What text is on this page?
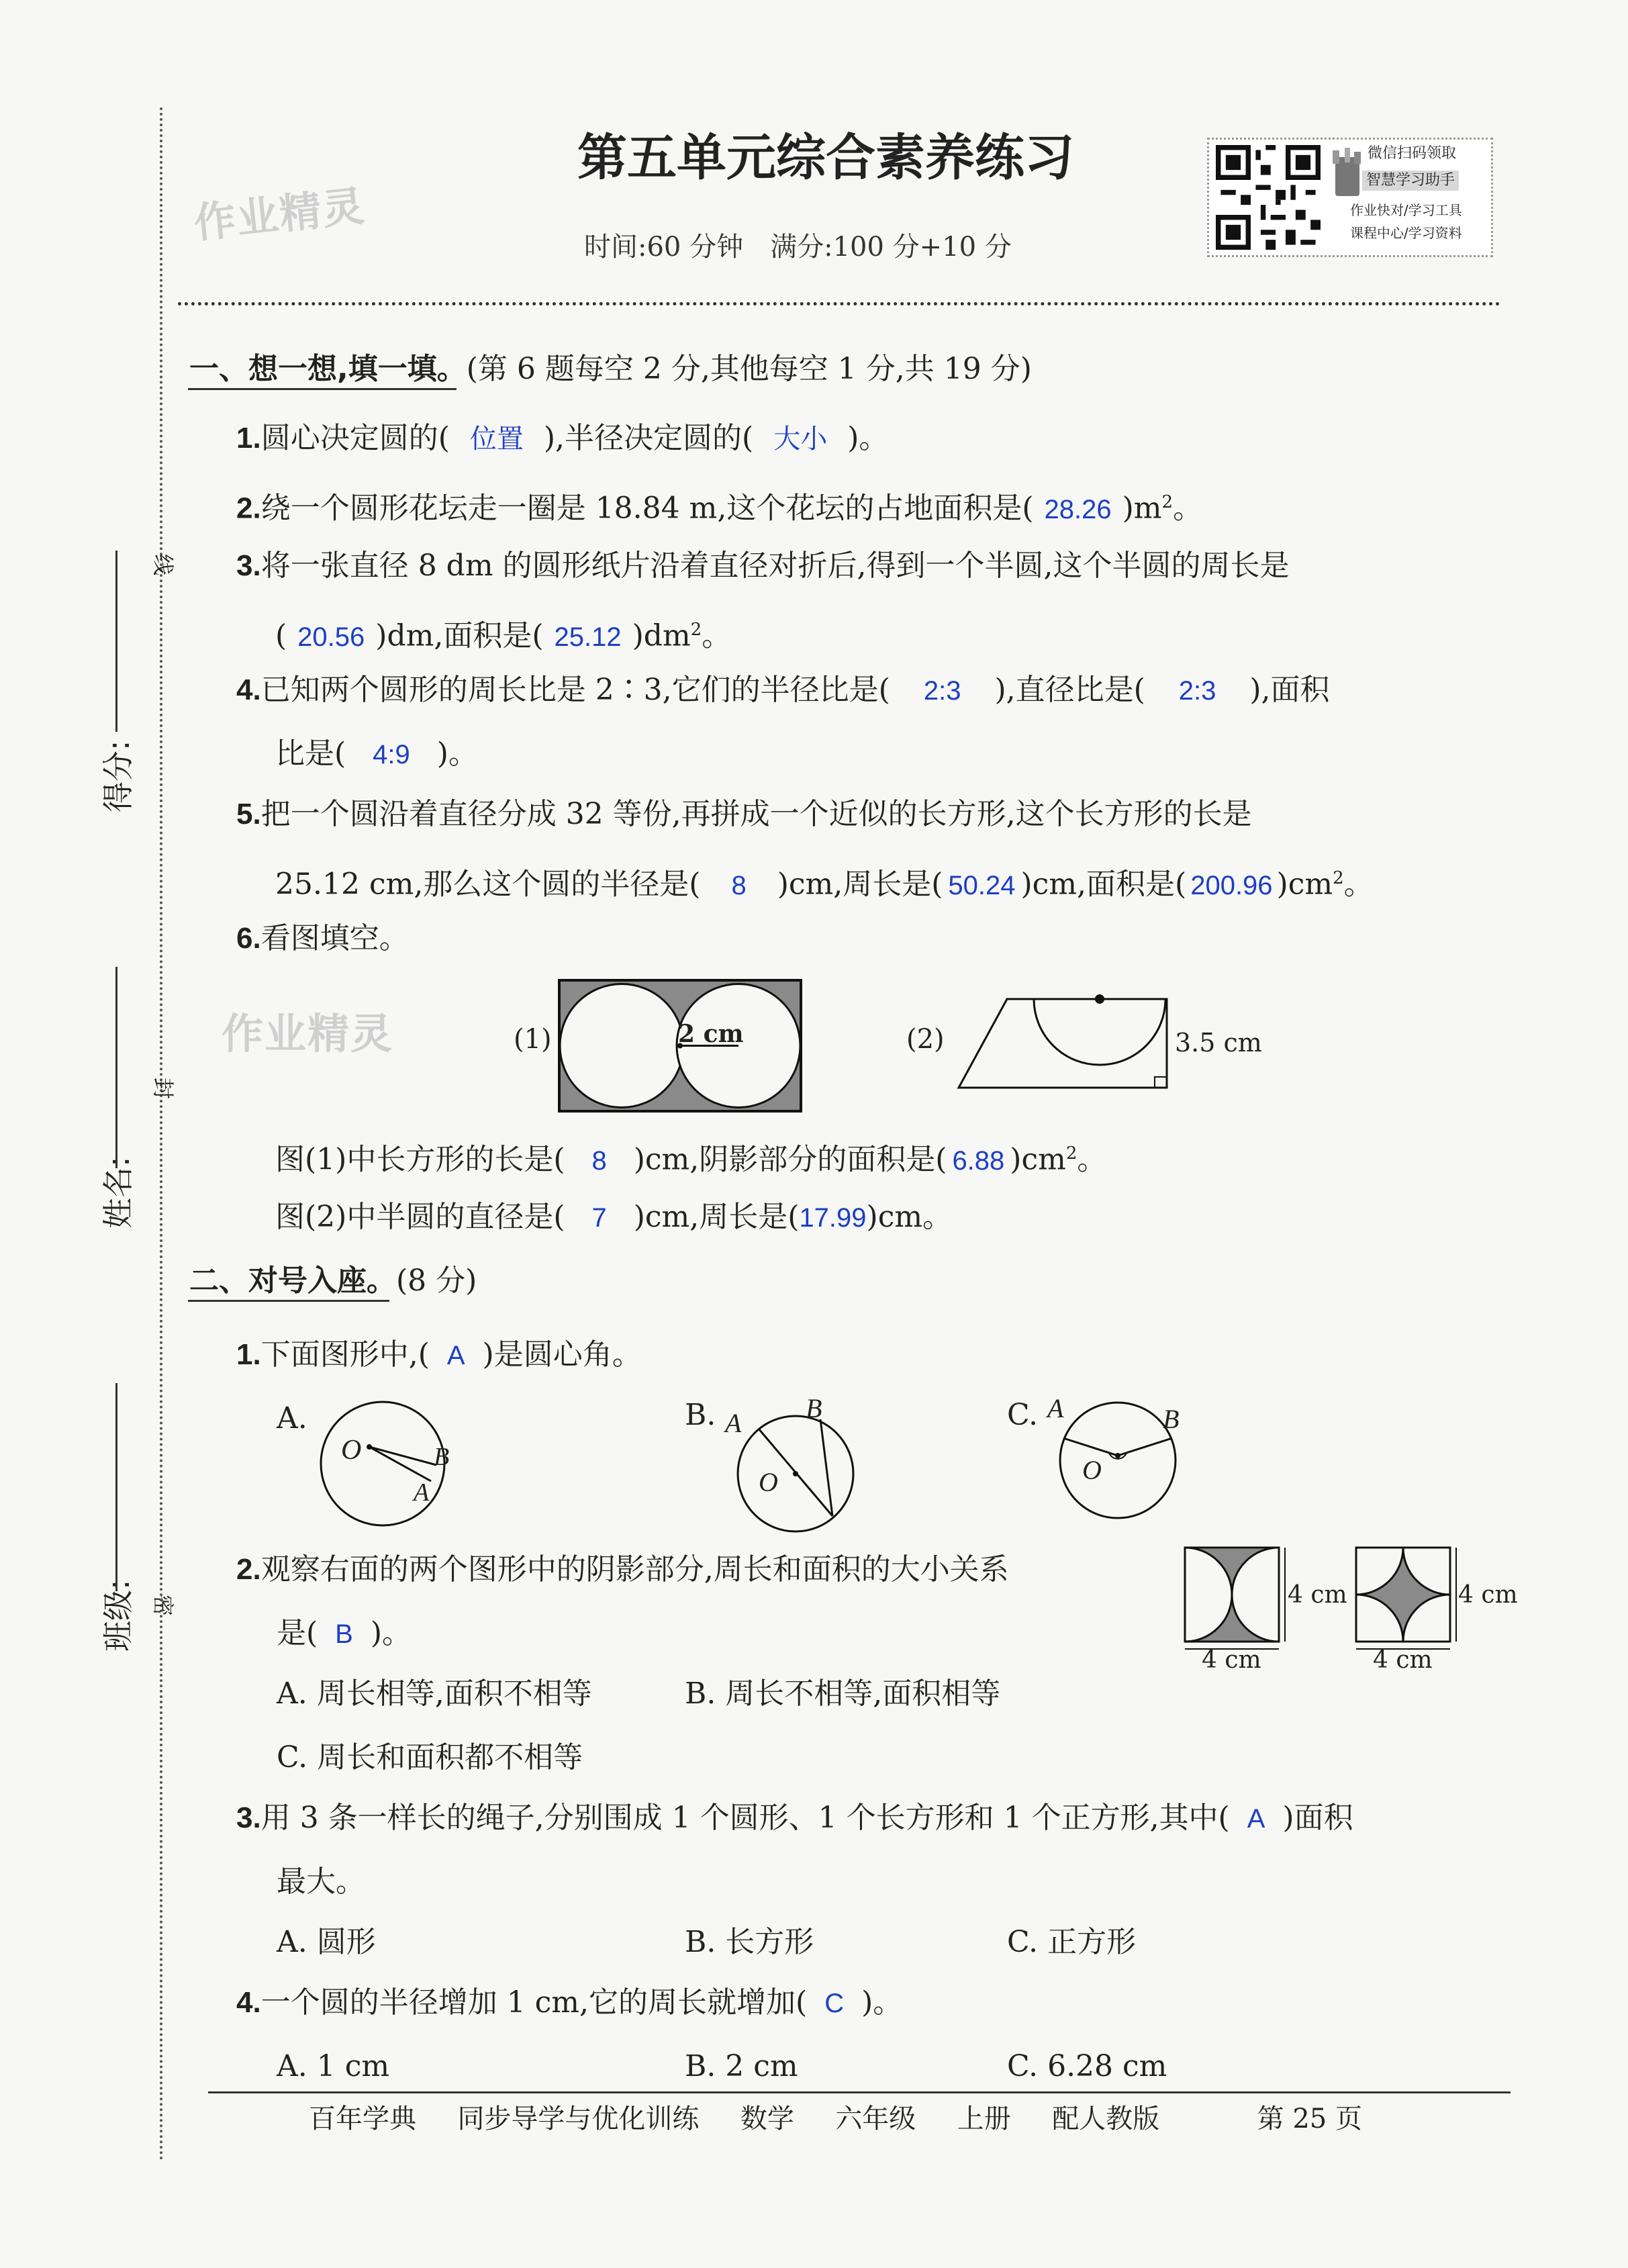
得分:
姓名:
班级:
线
封
密
作业精灵
作业精灵
第五单元综合素养练习
时间:60 分钟　满分:100 分+10 分
微信扫码领取
智慧学习助手
作业快对/学习工具
课程中心/学习资料
一、想一想,填一填。(第 6 题每空 2 分,其他每空 1 分,共 19 分)
1.圆心决定圆的( 位置 ),半径决定圆的( 大小 )。
2.绕一个圆形花坛走一圈是 18.84 m,这个花坛的占地面积是( 28.26 )$m^2$。
3.将一张直径 8 dm 的圆形纸片沿着直径对折后,得到一个半圆,这个半圆的周长是
( 20.56 )dm,面积是( 25.12 )$dm^2$。
4.已知两个圆形的周长比是 2∶3,它们的半径比是( 2:3 ),直径比是( 2:3 ),面积
比是( 4:9 )。
5.把一个圆沿着直径分成 32 等份,再拼成一个近似的长方形,这个长方形的长是
25.12 cm,那么这个圆的半径是( 8 )cm,周长是( 50.24 )cm,面积是( 200.96 )$cm^2$。
6.看图填空。
(1)	2 cm	(2)	3.5 cm
图(1)中长方形的长是( 8 )cm,阴影部分的面积是( 6.88 )$cm^2$。
图(2)中半圆的直径是( 7 )cm,周长是(17.99)cm。
二、对号入座。(8 分)
1.下面图形中,( A )是圆心角。
A.
O	B
A
B. A B
O
C. A	B
O
2.观察右面的两个图形中的阴影部分,周长和面积的大小关系
是( B )。
4 cm
4 cm
4 cm
4 cm
A. 周长相等,面积不相等	B. 周长不相等,面积相等
C. 周长和面积都不相等
3.用 3 条一样长的绳子,分别围成 1 个圆形、1 个长方形和 1 个正方形,其中( A )面积
最大。
A. 圆形	B. 长方形	C. 正方形
4.一个圆的半径增加 1 cm,它的周长就增加( C )。
A. 1 cm	B. 2 cm	C. 6.28 cm
百年学典 同步导学与优化训练 数学 六年级 上册 配人教版	第 25 页
